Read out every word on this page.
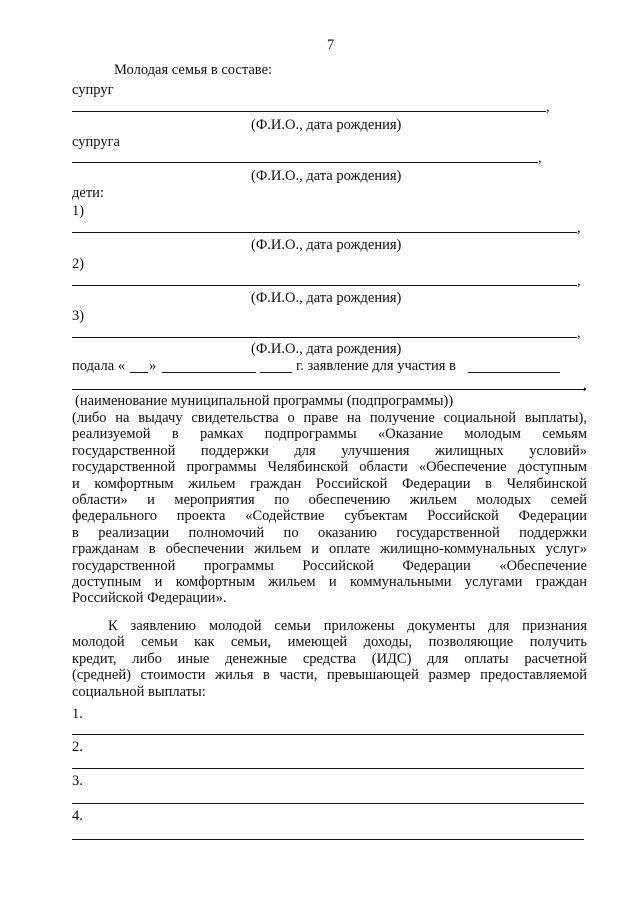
7
Молодая семья в составе:
супруг
,
(Ф.И.О., дата рождения)
супруга
,
(Ф.И.О., дата рождения)
дети:
1)
,
(Ф.И.О., дата рождения)
2)
,
(Ф.И.О., дата рождения)
3)
,
(Ф.И.О., дата рождения)
подала « »	г. заявление для участия в
,
(наименование муниципальной программы (подпрограммы))
(либо на выдачу свидетельства о праве на получение социальной выплаты),
реализуемой в рамках подпрограммы «Оказание молодым семьям
государственной поддержки для улучшения жилищных условий»
государственной программы Челябинской области «Обеспечение доступным
и комфортным жильем граждан Российской Федерации в Челябинской
области» и мероприятия по обеспечению жильем молодых семей
федерального проекта «Содействие субъектам Российской Федерации
в реализации полномочий по оказанию государственной поддержки
гражданам в обеспечении жильем и оплате жилищно-коммунальных услуг»
государственной программы Российской Федерации «Обеспечение
доступным и комфортным жильем и коммунальными услугами граждан
Российской Федерации».
К заявлению молодой семьи приложены документы для признания
молодой семьи как семьи, имеющей доходы, позволяющие получить
кредит, либо иные денежные средства (ИДС) для оплаты расчетной
(средней) стоимости жилья в части, превышающей размер предоставляемой
социальной выплаты:
1.
2.
3.
4.
